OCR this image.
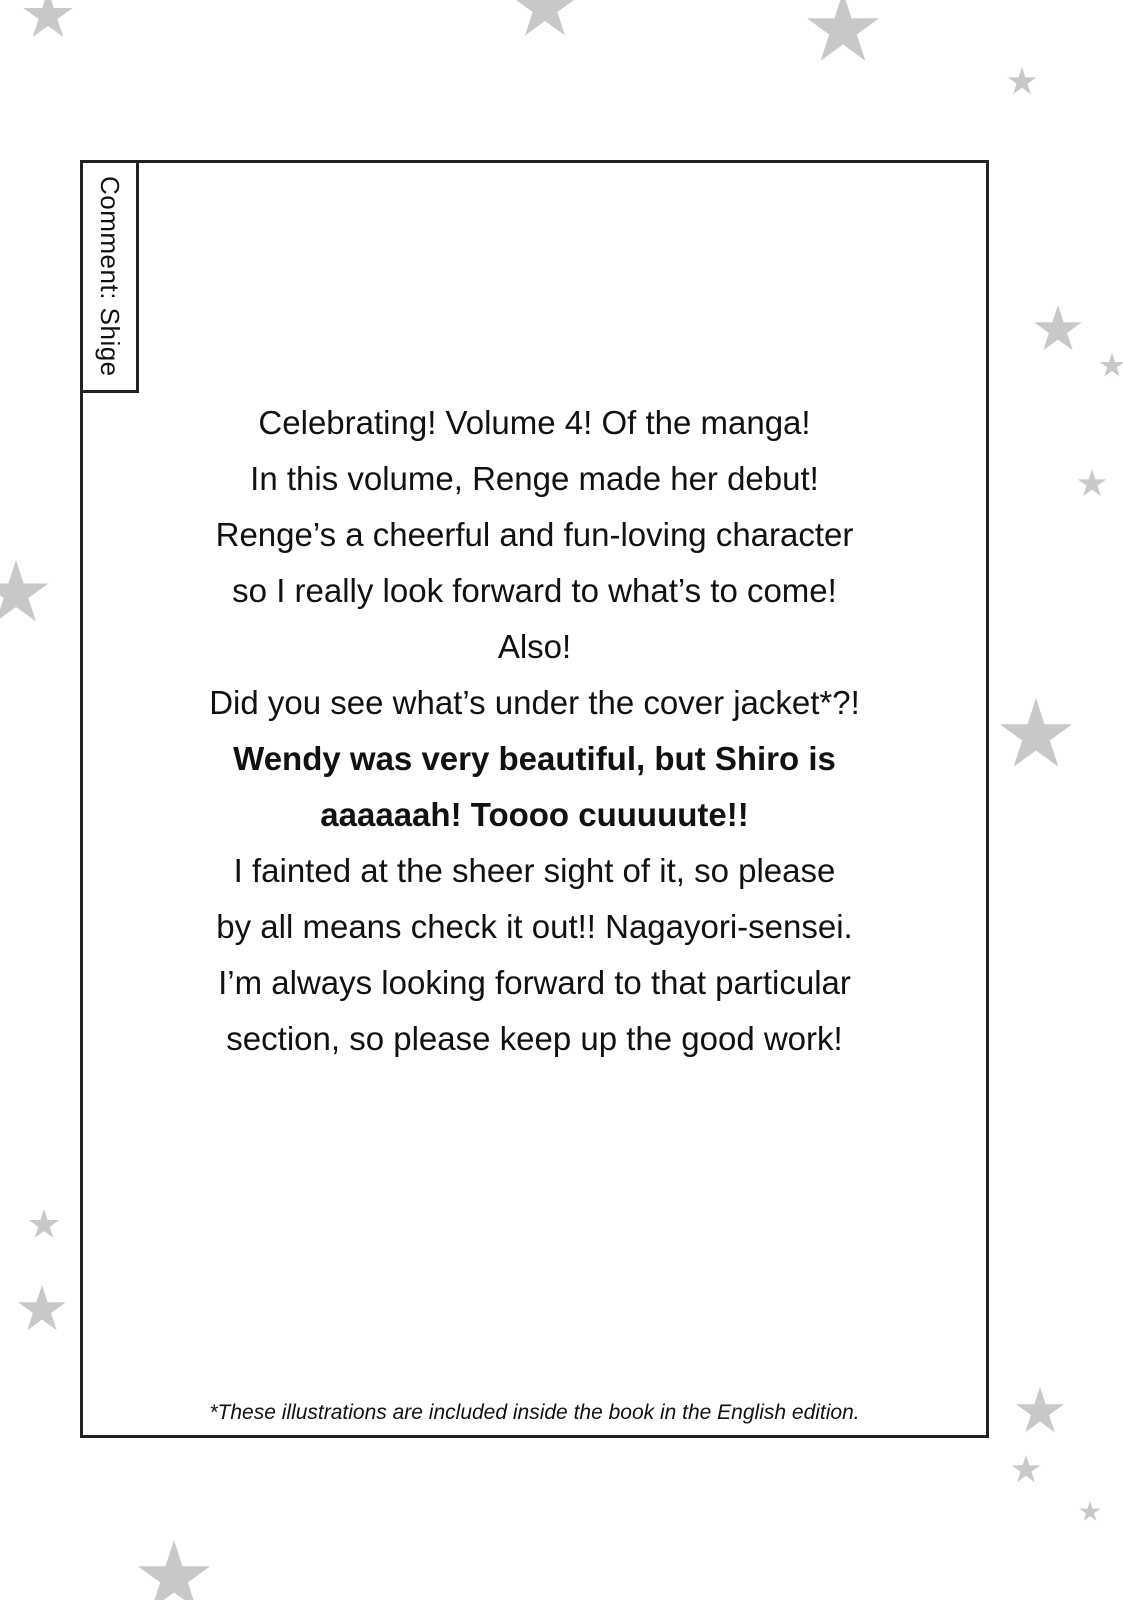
Comment: Shige
Celebrating! Volume 4! Of the manga!
In this volume, Renge made her debut!
Renge’s a cheerful and fun-loving character
so I really look forward to what’s to come!
Also!
Did you see what’s under the cover jacket*?!
Wendy was very beautiful, but Shiro is
aaaaaah! Toooo cuuuuute!!
I fainted at the sheer sight of it, so please
by all means check it out!! Nagayori-sensei.
I’m always looking forward to that particular
section, so please keep up the good work!
*These illustrations are included inside the book in the English edition.
